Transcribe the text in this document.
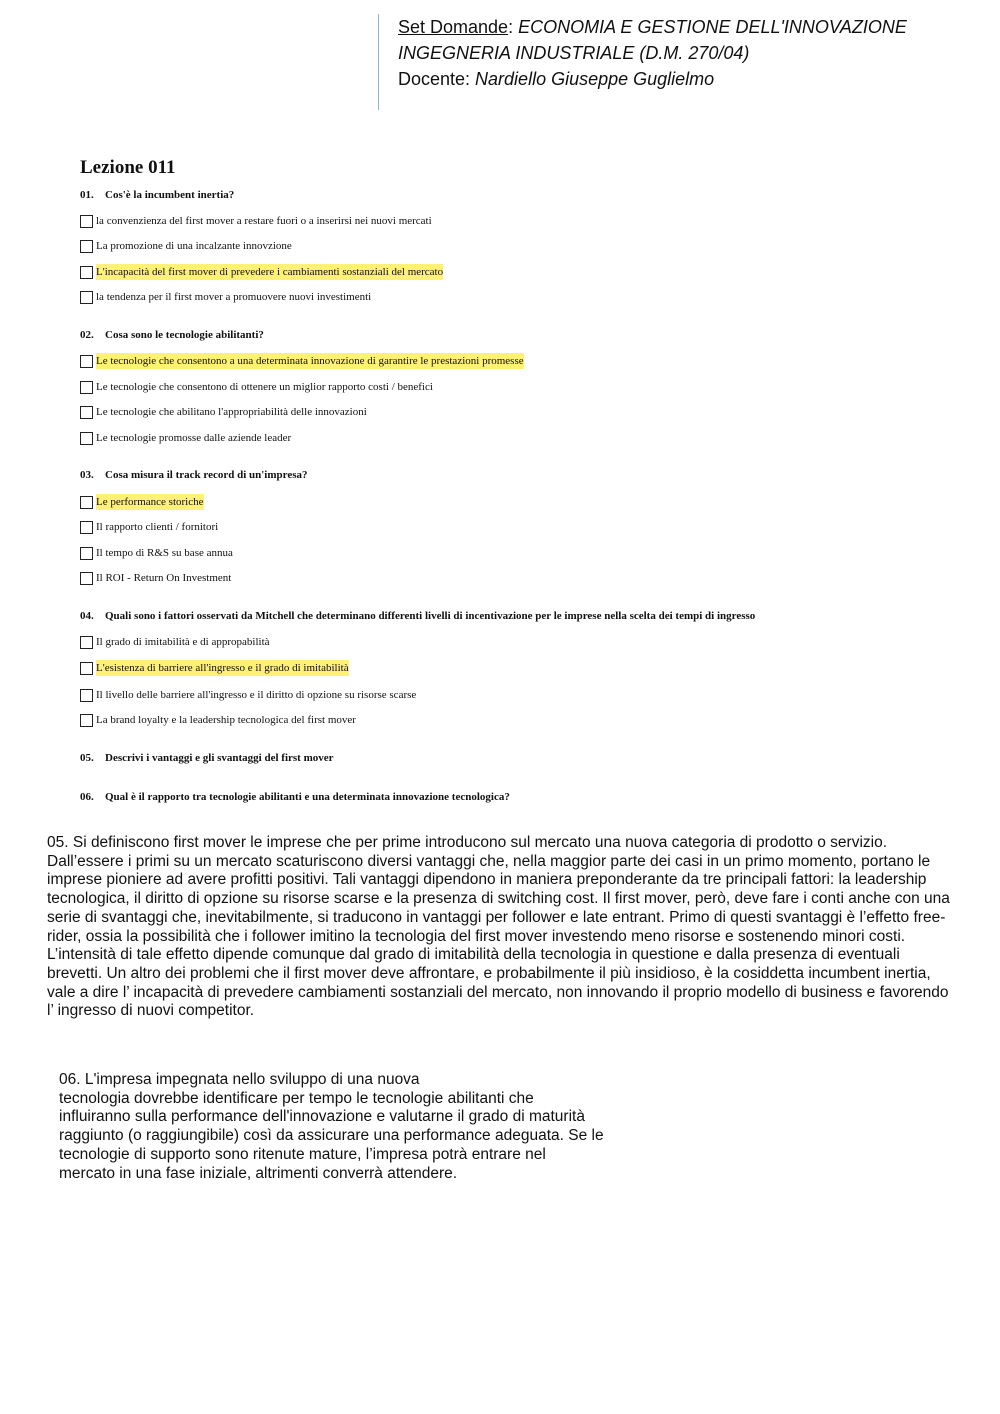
Set Domande: ECONOMIA E GESTIONE DELL'INNOVAZIONE
INGEGNERIA INDUSTRIALE (D.M. 270/04)
Docente: Nardiello Giuseppe Guglielmo
Lezione 011
01. Cos'è la incumbent inertia?
la convenzienza del first mover a restare fuori o a inserirsi nei nuovi mercati
La promozione di una incalzante innovzione
L'incapacità del first mover di prevedere i cambiamenti sostanziali del mercato
la tendenza per il first mover a promuovere nuovi investimenti
02. Cosa sono le tecnologie abilitanti?
Le tecnologie che consentono a una determinata innovazione di garantire le prestazioni promesse
Le tecnologie che consentono di ottenere un miglior rapporto costi / benefici
Le tecnologie che abilitano l'appropriabilità delle innovazioni
Le tecnologie promosse dalle aziende leader
03. Cosa misura il track record di un'impresa?
Le performance storiche
Il rapporto clienti / fornitori
Il tempo di R&S su base annua
Il ROI - Return On Investment
04. Quali sono i fattori osservati da Mitchell che determinano differenti livelli di incentivazione per le imprese nella scelta dei tempi di ingresso
Il grado di imitabilità e di appropabilità
L'esistenza di barriere all'ingresso e il grado di imitabilità
Il livello delle barriere all'ingresso e il diritto di opzione su risorse scarse
La brand loyalty e la leadership tecnologica del first mover
05. Descrivi i vantaggi e gli svantaggi del first mover
06. Qual è il rapporto tra tecnologie abilitanti e una determinata innovazione tecnologica?
05. Si definiscono first mover le imprese che per prime introducono sul mercato una nuova categoria di prodotto o servizio. Dall’essere i primi su un mercato scaturiscono diversi vantaggi che, nella maggior parte dei casi in un primo momento, portano le imprese pioniere ad avere profitti positivi. Tali vantaggi dipendono in maniera preponderante da tre principali fattori: la leadership tecnologica, il diritto di opzione su risorse scarse e la presenza di switching cost. Il first mover, però, deve fare i conti anche con una serie di svantaggi che, inevitabilmente, si traducono in vantaggi per follower e late entrant. Primo di questi svantaggi è l’effetto free-rider, ossia la possibilità che i follower imitino la tecnologia del first mover investendo meno risorse e sostenendo minori costi. L’intensità di tale effetto dipende comunque dal grado di imitabilità della tecnologia in questione e dalla presenza di eventuali brevetti. Un altro dei problemi che il first mover deve affrontare, e probabilmente il più insidioso, è la cosiddetta incumbent inertia, vale a dire l’ incapacità di prevedere cambiamenti sostanziali del mercato, non innovando il proprio modello di business e favorendo l’ ingresso di nuovi competitor.
06. L'impresa impegnata nello sviluppo di una nuova
tecnologia dovrebbe identificare per tempo le tecnologie abilitanti che
influiranno sulla performance dell'innovazione e valutarne il grado di maturità
raggiunto (o raggiungibile) così da assicurare una performance adeguata. Se le
tecnologie di supporto sono ritenute mature, l’impresa potrà entrare nel
mercato in una fase iniziale, altrimenti converrà attendere.
